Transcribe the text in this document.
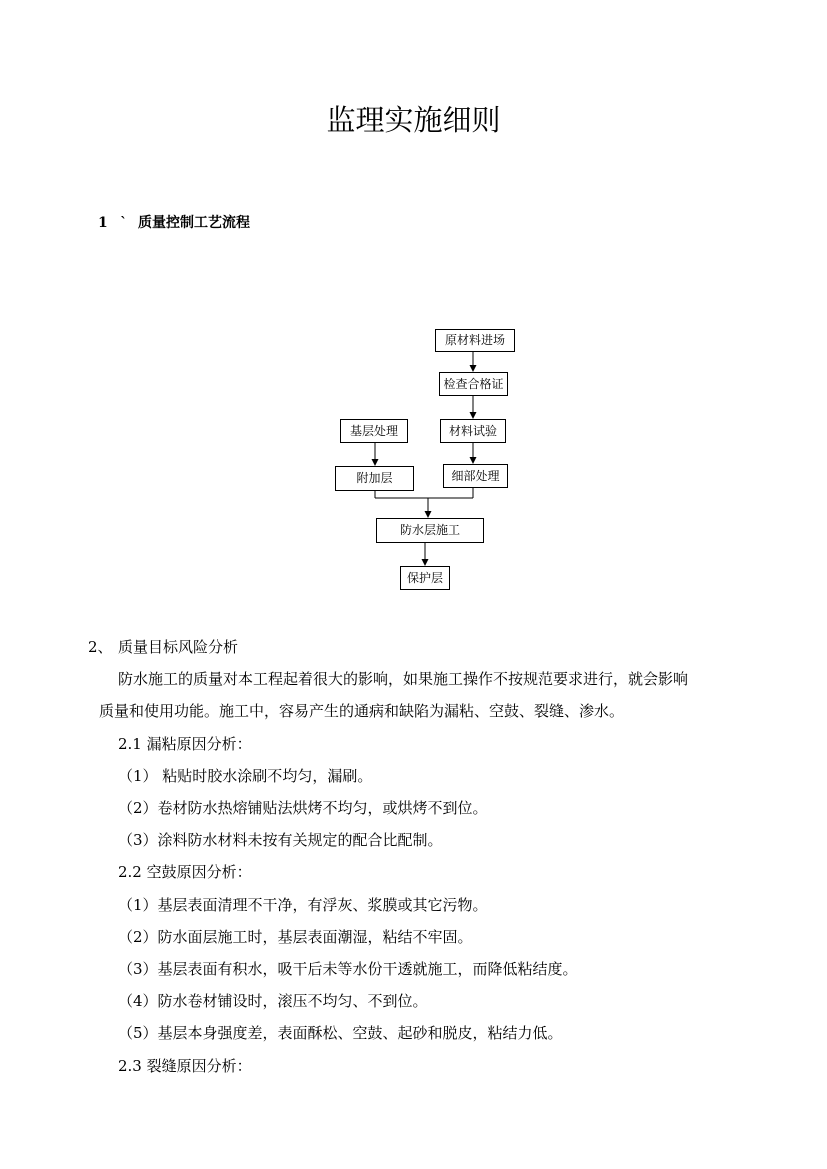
监理实施细则
1 ` 质量控制工艺流程
原材料进场
检查合格证
基层处理	材料试验
附加层	细部处理
防水层施工
保护层
2、 质量目标风险分析
防水施工的质量对本工程起着很大的影响，如果施工操作不按规范要求进行，就会影响
质量和使用功能。施工中，容易产生的通病和缺陷为漏粘、空鼓、裂缝、渗水。
2.1 漏粘原因分析：
（1） 粘贴时胶水涂刷不均匀，漏刷。
（2）卷材防水热熔铺贴法烘烤不均匀，或烘烤不到位。
（3）涂料防水材料未按有关规定的配合比配制。
2.2 空鼓原因分析：
（1）基层表面清理不干净，有浮灰、浆膜或其它污物。
（2）防水面层施工时，基层表面潮湿，粘结不牢固。
（3）基层表面有积水，吸干后未等水份干透就施工，而降低粘结度。
（4）防水卷材铺设时，滚压不均匀、不到位。
（5）基层本身强度差，表面酥松、空鼓、起砂和脱皮，粘结力低。
2.3 裂缝原因分析：
